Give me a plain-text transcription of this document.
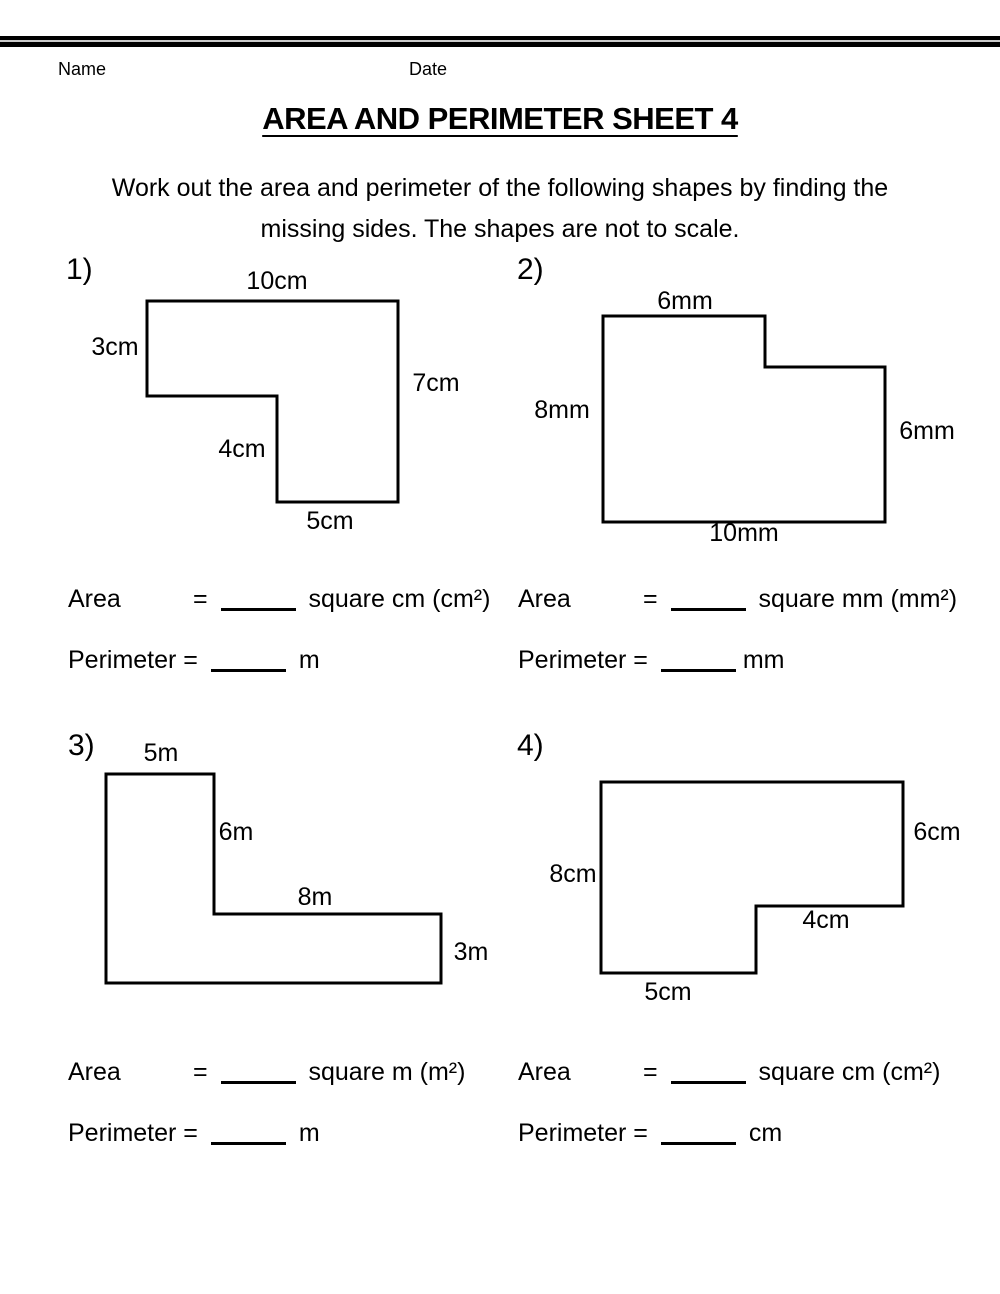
Name	Date
AREA AND PERIMETER SHEET 4
Work out the area and perimeter of the following shapes by finding the
missing sides. The shapes are not to scale.
1)	10cm
3cm
7cm
4cm
5cm
Area	=	square cm (cm²)
Perimeter =	m
2)
6mm
8mm
6mm
10mm
Area	=	square mm (mm²)
Perimeter =	mm
3) 5m
6m
8m
3m
Area	=	square m (m²)
Perimeter =	m
4)
6cm
8cm
4cm
5cm
Area	=	square cm (cm²)
Perimeter =	cm
